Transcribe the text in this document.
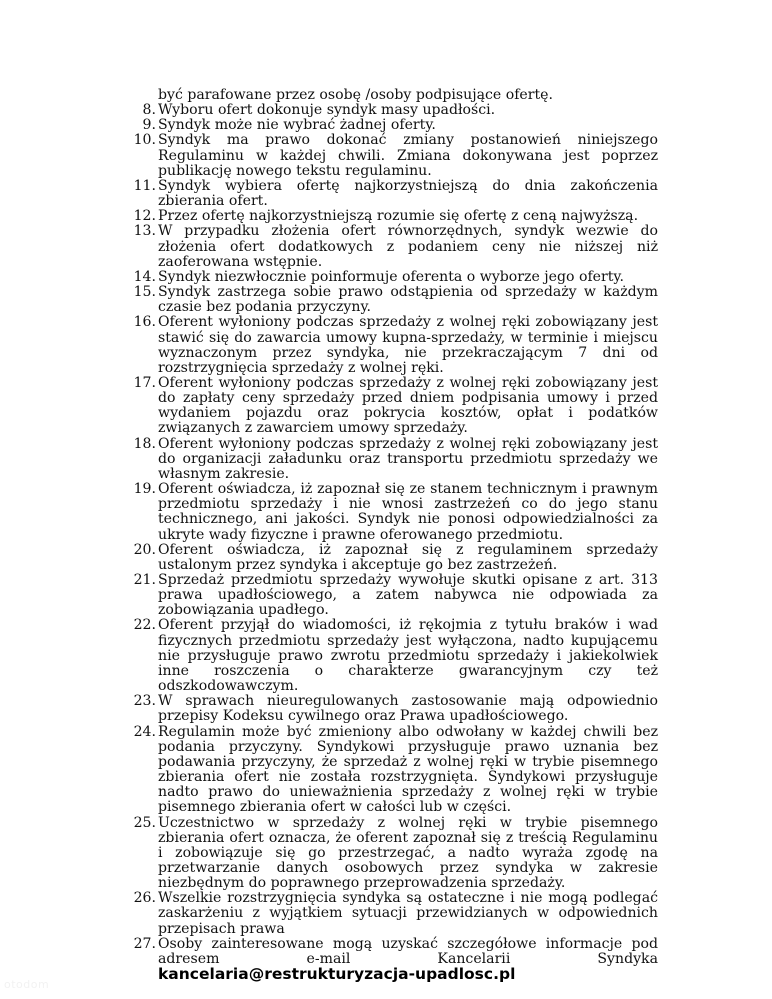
być parafowane przez osobę /osoby podpisujące ofertę.
8. Wyboru ofert dokonuje syndyk masy upadłości.
9. Syndyk może nie wybrać żadnej oferty.
10. Syndyk ma prawo dokonać zmiany postanowień niniejszego Regulaminu w każdej chwili. Zmiana dokonywana jest poprzez publikację nowego tekstu regulaminu.
11. Syndyk wybiera ofertę najkorzystniejszą do dnia zakończenia zbierania ofert.
12. Przez ofertę najkorzystniejszą rozumie się ofertę z ceną najwyższą.
13. W przypadku złożenia ofert równorzędnych, syndyk wezwie do złożenia ofert dodatkowych z podaniem ceny nie niższej niż zaoferowana wstępnie.
14. Syndyk niezwłocznie poinformuje oferenta o wyborze jego oferty.
15. Syndyk zastrzega sobie prawo odstąpienia od sprzedaży w każdym czasie bez podania przyczyny.
16. Oferent wyłoniony podczas sprzedaży z wolnej ręki zobowiązany jest stawić się do zawarcia umowy kupna-sprzedaży, w terminie i miejscu wyznaczonym przez syndyka, nie przekraczającym 7 dni od rozstrzygnięcia sprzedaży z wolnej ręki.
17. Oferent wyłoniony podczas sprzedaży z wolnej ręki zobowiązany jest do zapłaty ceny sprzedaży przed dniem podpisania umowy i przed wydaniem pojazdu oraz pokrycia kosztów, opłat i podatków związanych z zawarciem umowy sprzedaży.
18. Oferent wyłoniony podczas sprzedaży z wolnej ręki zobowiązany jest do organizacji załadunku oraz transportu przedmiotu sprzedaży we własnym zakresie.
19. Oferent oświadcza, iż zapoznał się ze stanem technicznym i prawnym przedmiotu sprzedaży i nie wnosi zastrzeżeń co do jego stanu technicznego, ani jakości. Syndyk nie ponosi odpowiedzialności za ukryte wady fizyczne i prawne oferowanego przedmiotu.
20. Oferent oświadcza, iż zapoznał się z regulaminem sprzedaży ustalonym przez syndyka i akceptuje go bez zastrzeżeń.
21. Sprzedaż przedmiotu sprzedaży wywołuje skutki opisane z art. 313 prawa upadłościowego, a zatem nabywca nie odpowiada za zobowiązania upadłego.
22. Oferent przyjął do wiadomości, iż rękojmia z tytułu braków i wad fizycznych przedmiotu sprzedaży jest wyłączona, nadto kupującemu nie przysługuje prawo zwrotu przedmiotu sprzedaży i jakiekolwiek inne roszczenia o charakterze gwarancyjnym czy też odszkodowawczym.
23. W sprawach nieuregulowanych zastosowanie mają odpowiednio przepisy Kodeksu cywilnego oraz Prawa upadłościowego.
24. Regulamin może być zmieniony albo odwołany w każdej chwili bez podania przyczyny. Syndykowi przysługuje prawo uznania bez podawania przyczyny, że sprzedaż z wolnej ręki w trybie pisemnego zbierania ofert nie została rozstrzygnięta. Syndykowi przysługuje nadto prawo do unieważnienia sprzedaży z wolnej ręki w trybie pisemnego zbierania ofert w całości lub w części.
25. Uczestnictwo w sprzedaży z wolnej ręki w trybie pisemnego zbierania ofert oznacza, że oferent zapoznał się z treścią Regulaminu i zobowiązuje się go przestrzegać, a nadto wyraża zgodę na przetwarzanie danych osobowych przez syndyka w zakresie niezbędnym do poprawnego przeprowadzenia sprzedaży.
26. Wszelkie rozstrzygnięcia syndyka są ostateczne i nie mogą podlegać zaskarżeniu z wyjątkiem sytuacji przewidzianych w odpowiednich przepisach prawa
27. Osoby zainteresowane mogą uzyskać szczegółowe informacje pod adresem e-mail Kancelarii Syndyka kancelaria@restrukturyzacja-upadlosc.pl
otodom
